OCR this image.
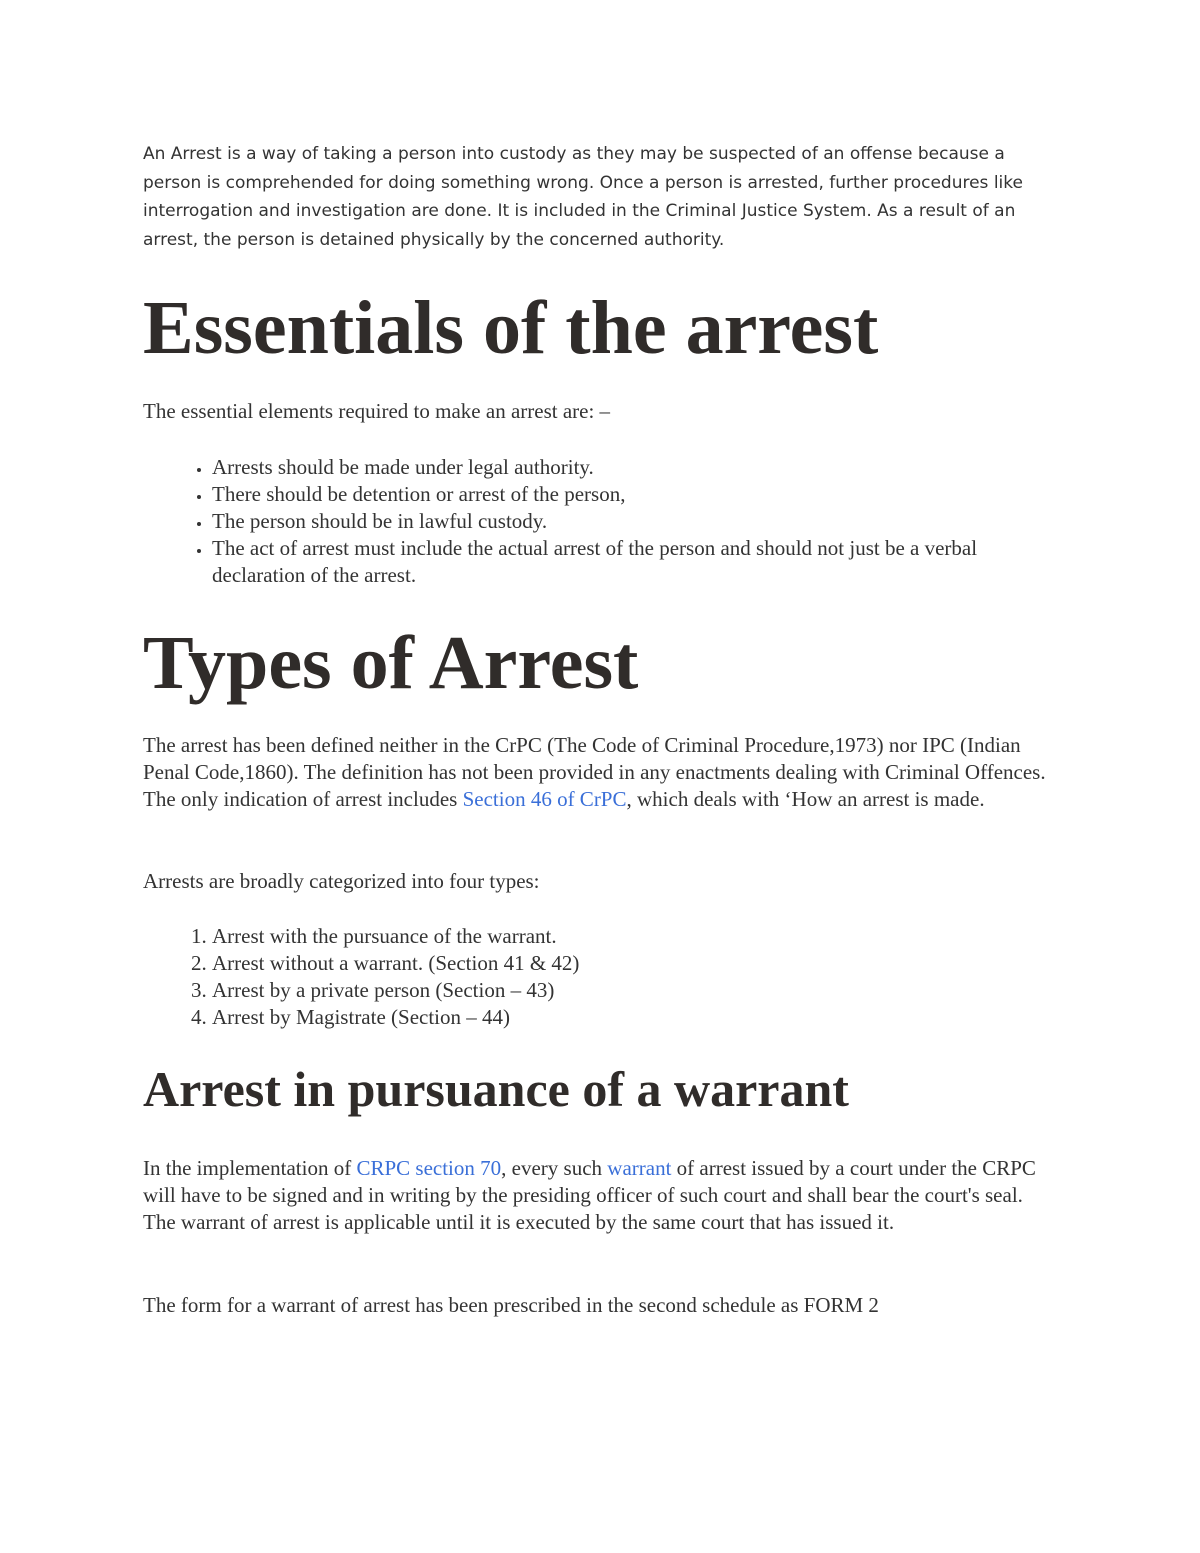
An Arrest is a way of taking a person into custody as they may be suspected of an offense because a person is comprehended for doing something wrong. Once a person is arrested, further procedures like interrogation and investigation are done. It is included in the Criminal Justice System. As a result of an arrest, the person is detained physically by the concerned authority.

Essentials of the arrest

The essential elements required to make an arrest are: –

• Arrests should be made under legal authority.
• There should be detention or arrest of the person,
• The person should be in lawful custody.
• The act of arrest must include the actual arrest of the person and should not just be a verbal declaration of the arrest.
Types of Arrest

The arrest has been defined neither in the CrPC (The Code of Criminal Procedure,1973) nor IPC (Indian Penal Code,1860). The definition has not been provided in any enactments dealing with Criminal Offences. The only indication of arrest includes Section 46 of CrPC, which deals with ‘How an arrest is made.

Arrests are broadly categorized into four types:

1. Arrest with the pursuance of the warrant.
2. Arrest without a warrant. (Section 41 & 42)
3. Arrest by a private person (Section – 43)
4. Arrest by Magistrate (Section – 44)
Arrest in pursuance of a warrant

In the implementation of CRPC section 70, every such warrant of arrest issued by a court under the CRPC will have to be signed and in writing by the presiding officer of such court and shall bear the court's seal. The warrant of arrest is applicable until it is executed by the same court that has issued it.

The form for a warrant of arrest has been prescribed in the second schedule as FORM 2
